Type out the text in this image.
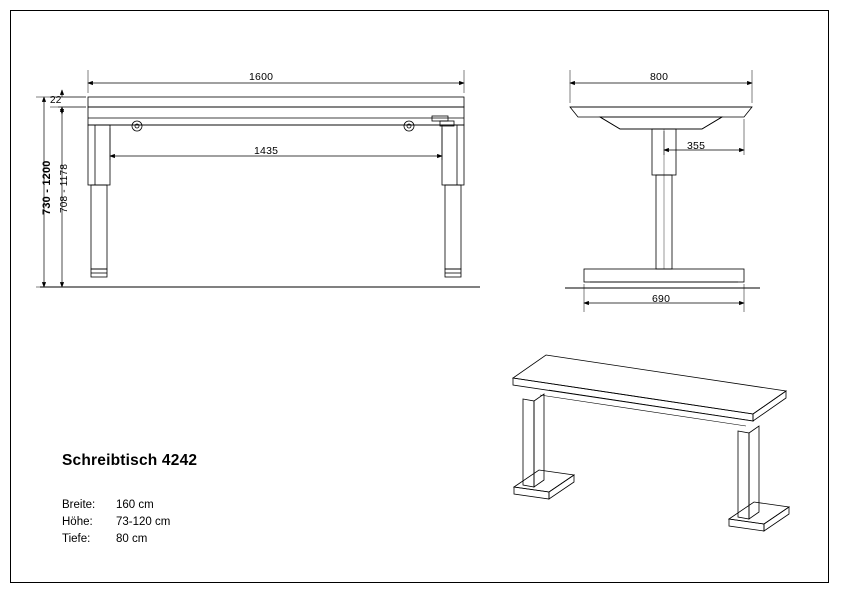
1600
22
730 - 1200 708 - 1178
1435
800
355
690
Schreibtisch 4242
Breite: 160 cm
Höhe: 73-120 cm
Tiefe: 80 cm
